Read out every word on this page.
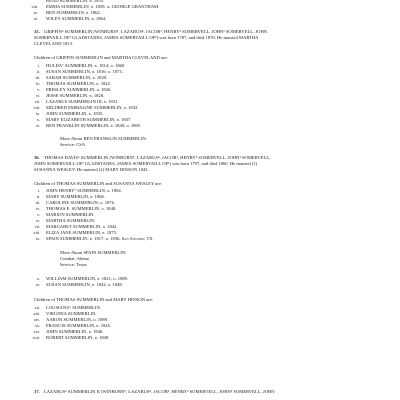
READ SUMMERLIN, b. 1855.
viii. EMMA SUMMERLIN, b. 1858, m. GEORGE GRANTHAM.
ix. BEN SUMMERLIN, b. 1862.
xi. WILEY SUMMERLIN, b. 1864.
15. GRIFFIN⁶ SUMMERLIN (WINBURN⁵, LAZARUS⁴, JACOB³, HENRY² SOMERVELL, JOHN¹ SOMERVELL, JOHN
SOMERVAILL OF¹ GLADSTANES, JAMES SOMERVAILL OF¹) was born 1787, and died 1870. He married MARTHA
CLEVELAND 1813.
Children of GRIFFIN SUMMERLIN and MARTHA CLEVELAND are:
i. HULDA⁷ SUMMERLIN, b. 1814; d. 1860.
ii. SUSAN SUMMERLIN, b. 1816; d. 1873.
iii. SARAH SUMMERLIN, b. 1820.
iv. THOMAS SUMMERLIN, b. 1822.
v. PRESLEY SUMMERLIN, b. 1826.
vi. JESSE SUMMERLIN, b. 1828.
vii. LAZARUS SUMMERLIN III, b. 1831.
viii. MILDRED EMMALINE SUMMERLIN, b. 1832.
ix. JOHN SUMMERLIN, b. 1835.
x. MARY ELIZABETH SUMMERLIN, b. 1837.
xi. BEN FRANKLIN SUMMERLIN, b. 1840; d. 1865.
More About BEN FRANKLIN SUMMERLIN:
Service: CSA
16. THOMAS DAVIS⁶ SUMMERLIN (WINBURN⁵, LAZARUS⁴, JACOB³, HENRY² SOMERVELL, JOHN¹ SOMERVELL,
JOHN SOMERVAILL OF¹ GLADSTANES, JAMES SOMERVAILL OF¹) was born 1797, and died 1860. He married (1)
SUSANNA WESLEY. He married (2) MARY HINSON 1843.
Children of THOMAS SUMMERLIN and SUSANNA WESLEY are:
i. JOHN HENRY⁷ SUMMERLIN, d. 1894.
ii. MARY SUMMERLIN, b. 1866.
iii. CAROLINE SUMMERLIN, d. 1876.
iv. THOMAS E. SUMMERLIN, d. 1848.
v. MARION SUMMERLIN.
vi. MARTHA SUMMERLIN.
vii. MARGARET SUMMERLIN, d. 1842.
viii. ELIZA JANE SUMMERLIN, b. 1875.
ix. SPAIN SUMMERLIN, b. 1817; d. 1836, San Antonio, TX.
More About SPAIN SUMMERLIN:
Combat: Alamo
Service: Texas
x. WILLIAM SUMMERLIN, b. 1821; d. 1889.
xi. SUSAN SUMMERLIN, b. 1842; d. 1848.
Children of THOMAS SUMMERLIN and MARY HINSON are:
xii. LOUSIANA⁷ SUMMERLIN.
xiii. VIRGINIA SUMMERLIN.
xiv. AARON SUMMERLIN, d. 1889.
xv. FRANCIS SUMMERLIN, b. 1845.
xvi. JOHN SUMMERLIN, b. 1846.
xvii. ROBERT SUMMERLIN, b. 1849.
17. LAZARUS⁶ SUMMERLIN II (WINBURN⁵, LAZARUS⁴, JACOB³, HENRY² SOMERVELL, JOHN¹ SOMERVELL, JOHN
